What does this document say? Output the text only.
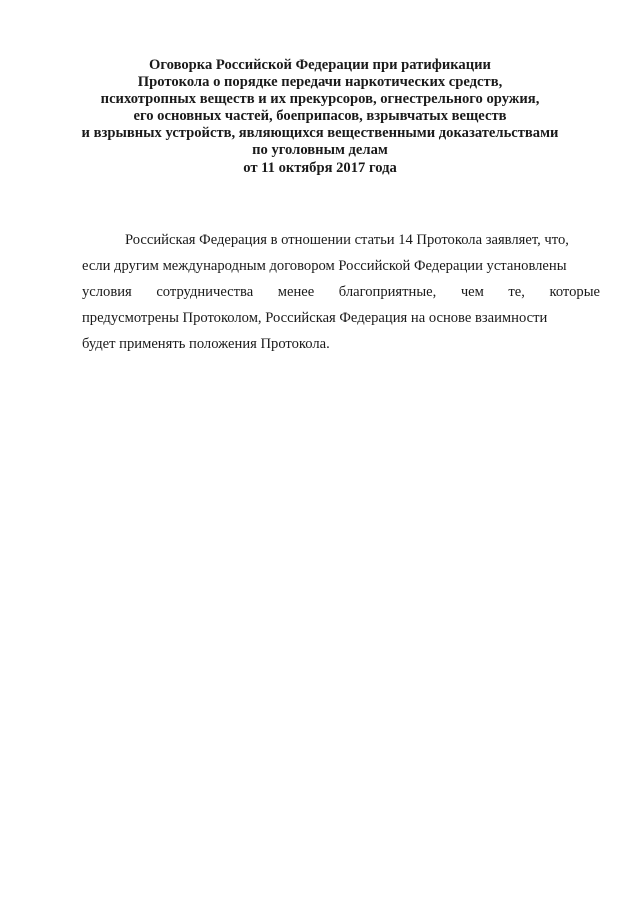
Оговорка Российской Федерации при ратификации
Протокола о порядке передачи наркотических средств,
психотропных веществ и их прекурсоров, огнестрельного оружия,
его основных частей, боеприпасов, взрывчатых веществ
и взрывных устройств, являющихся вещественными доказательствами
по уголовным делам
от 11 октября 2017 года
Российская Федерация в отношении статьи 14 Протокола заявляет, что,
если другим международным договором Российской Федерации установлены
условия сотрудничества менее благоприятные, чем те, которые
предусмотрены Протоколом, Российская Федерация на основе взаимности
будет применять положения Протокола.
